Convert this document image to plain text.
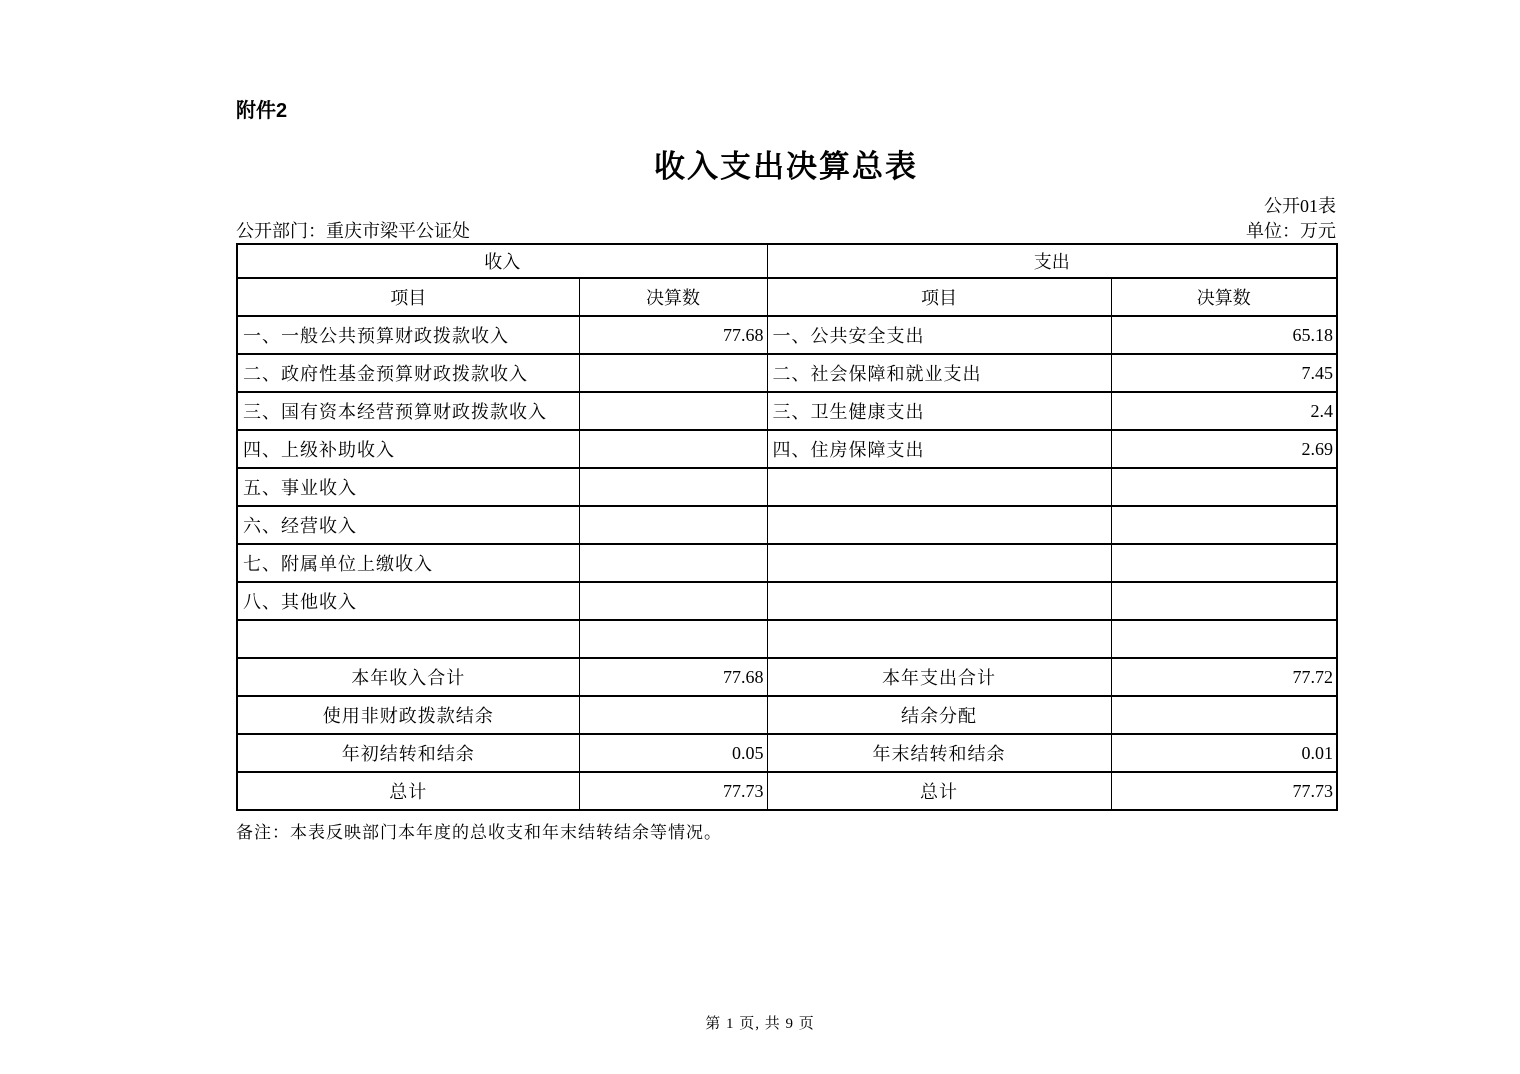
附件2
收入支出决算总表
公开01表
公开部门：重庆市梁平公证处	单位：万元
收入		支出	
项目	决算数	项目	决算数
一、一般公共预算财政拨款收入	77.68	一、公共安全支出	65.18
二、政府性基金预算财政拨款收入		二、社会保障和就业支出	7.45
三、国有资本经营预算财政拨款收入		三、卫生健康支出	2.4
四、上级补助收入		四、住房保障支出	2.69
五、事业收入			
六、经营收入			
七、附属单位上缴收入			
八、其他收入			

本年收入合计	77.68	本年支出合计	77.72
使用非财政拨款结余		结余分配	
年初结转和结余	0.05	年末结转和结余	0.01
总计	77.73	总计	77.73
备注：本表反映部门本年度的总收支和年末结转结余等情况。
第 1 页, 共 9 页
